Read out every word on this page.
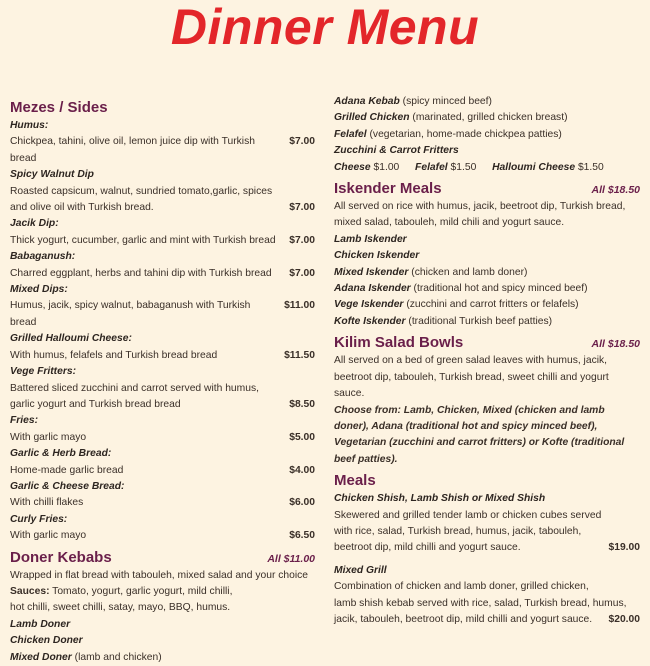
Dinner Menu
Mezes / Sides
Humus:
Chickpea, tahini, olive oil, lemon juice dip with Turkish bread
$7.00
Spicy Walnut Dip
Roasted capsicum, walnut, sundried tomato,garlic, spices
and olive oil with Turkish bread.	$7.00
Jacik Dip:
Thick yogurt, cucumber, garlic and mint with Turkish bread	$7.00
Babaganush:
Charred eggplant, herbs and tahini dip with Turkish bread	$7.00
Mixed Dips:
Humus, jacik, spicy walnut, babaganush with Turkish bread
$11.00
Grilled Halloumi Cheese:
With humus, felafels and Turkish bread bread	$11.50
Vege Fritters:
Battered sliced zucchini and carrot served with humus,
garlic yogurt and Turkish bread bread	$8.50
Fries:
With garlic mayo	$5.00
Garlic & Herb Bread:
Home-made garlic bread	$4.00
Garlic & Cheese Bread:
With chilli flakes	$6.00
Curly Fries:
With garlic mayo	$6.50
Doner Kebabs	All $11.00
Wrapped in flat bread with tabouleh, mixed salad and your choice
Sauces: Tomato, yogurt, garlic yogurt, mild chilli,
hot chilli, sweet chilli, satay, mayo, BBQ, humus.
Lamb Doner
Chicken Doner
Mixed Doner (lamb and chicken)
Adana Kebab (spicy minced beef)
Grilled Chicken (marinated, grilled chicken breast)
Felafel (vegetarian, home-made chickpea patties)
Zucchini & Carrot Fritters
Cheese $1.00 Felafel $1.50 Halloumi Cheese $1.50
Iskender Meals	All $18.50
All served on rice with humus, jacik, beetroot dip, Turkish bread,
mixed salad, tabouleh, mild chili and yogurt sauce.
Lamb Iskender
Chicken Iskender
Mixed Iskender (chicken and lamb doner)
Adana Iskender (traditional hot and spicy minced beef)
Vege Iskender (zucchini and carrot fritters or felafels)
Kofte Iskender (traditional Turkish beef patties)
Kilim Salad Bowls	All $18.50
All served on a bed of green salad leaves with humus, jacik,
beetroot dip, tabouleh, Turkish bread, sweet chilli and yogurt sauce.
Choose from: Lamb, Chicken, Mixed (chicken and lamb
doner), Adana (traditional hot and spicy minced beef),
Vegetarian (zucchini and carrot fritters) or Kofte (traditional
beef patties).
Meals
Chicken Shish, Lamb Shish or Mixed Shish
Skewered and grilled tender lamb or chicken cubes served
with rice, salad, Turkish bread, humus, jacik, tabouleh,
beetroot dip, mild chilli and yogurt sauce.	$19.00
Mixed Grill
Combination of chicken and lamb doner, grilled chicken,
lamb shish kebab served with rice, salad, Turkish bread, humus,
jacik, tabouleh, beetroot dip, mild chilli and yogurt sauce.	$20.00
